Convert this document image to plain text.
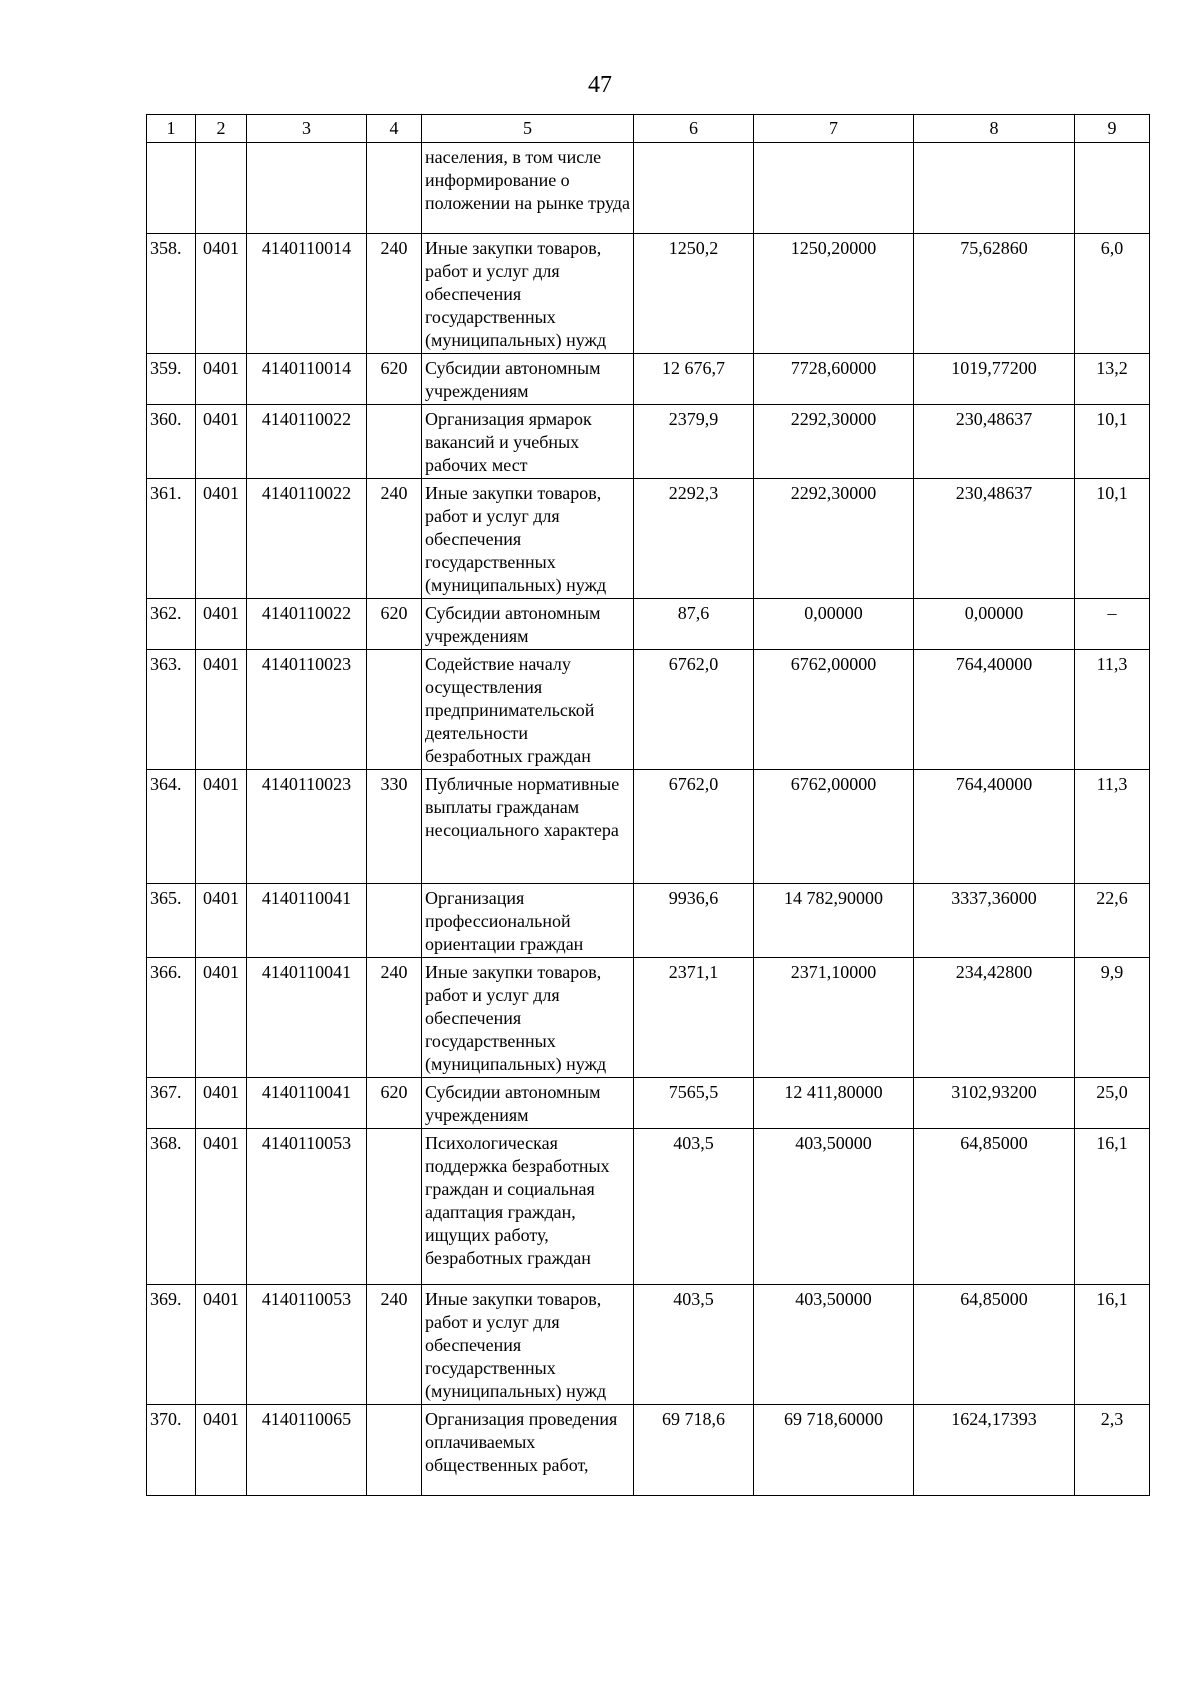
47
1	2	3	4	5	6	7	8	9
				населения, в том числе информирование о положении на рынке труда				
358.	0401	4140110014	240	Иные закупки товаров, работ и услуг для обеспечения государственных (муниципальных) нужд	1250,2	1250,20000	75,62860	6,0
359.	0401	4140110014	620	Субсидии автономным учреждениям	12 676,7	7728,60000	1019,77200	13,2
360.	0401	4140110022		Организация ярмарок вакансий и учебных рабочих мест	2379,9	2292,30000	230,48637	10,1
361.	0401	4140110022	240	Иные закупки товаров, работ и услуг для обеспечения государственных (муниципальных) нужд	2292,3	2292,30000	230,48637	10,1
362.	0401	4140110022	620	Субсидии автономным учреждениям	87,6	0,00000	0,00000	–
363.	0401	4140110023		Содействие началу осуществления предпринимательской деятельности безработных граждан	6762,0	6762,00000	764,40000	11,3
364.	0401	4140110023	330	Публичные нормативные выплаты гражданам несоциального характера	6762,0	6762,00000	764,40000	11,3
365.	0401	4140110041		Организация профессиональной ориентации граждан	9936,6	14 782,90000	3337,36000	22,6
366.	0401	4140110041	240	Иные закупки товаров, работ и услуг для обеспечения государственных (муниципальных) нужд	2371,1	2371,10000	234,42800	9,9
367.	0401	4140110041	620	Субсидии автономным учреждениям	7565,5	12 411,80000	3102,93200	25,0
368.	0401	4140110053		Психологическая поддержка безработных граждан и социальная адаптация граждан, ищущих работу, безработных граждан	403,5	403,50000	64,85000	16,1
369.	0401	4140110053	240	Иные закупки товаров, работ и услуг для обеспечения государственных (муниципальных) нужд	403,5	403,50000	64,85000	16,1
370.	0401	4140110065		Организация проведения оплачиваемых общественных работ,	69 718,6	69 718,60000	1624,17393	2,3
